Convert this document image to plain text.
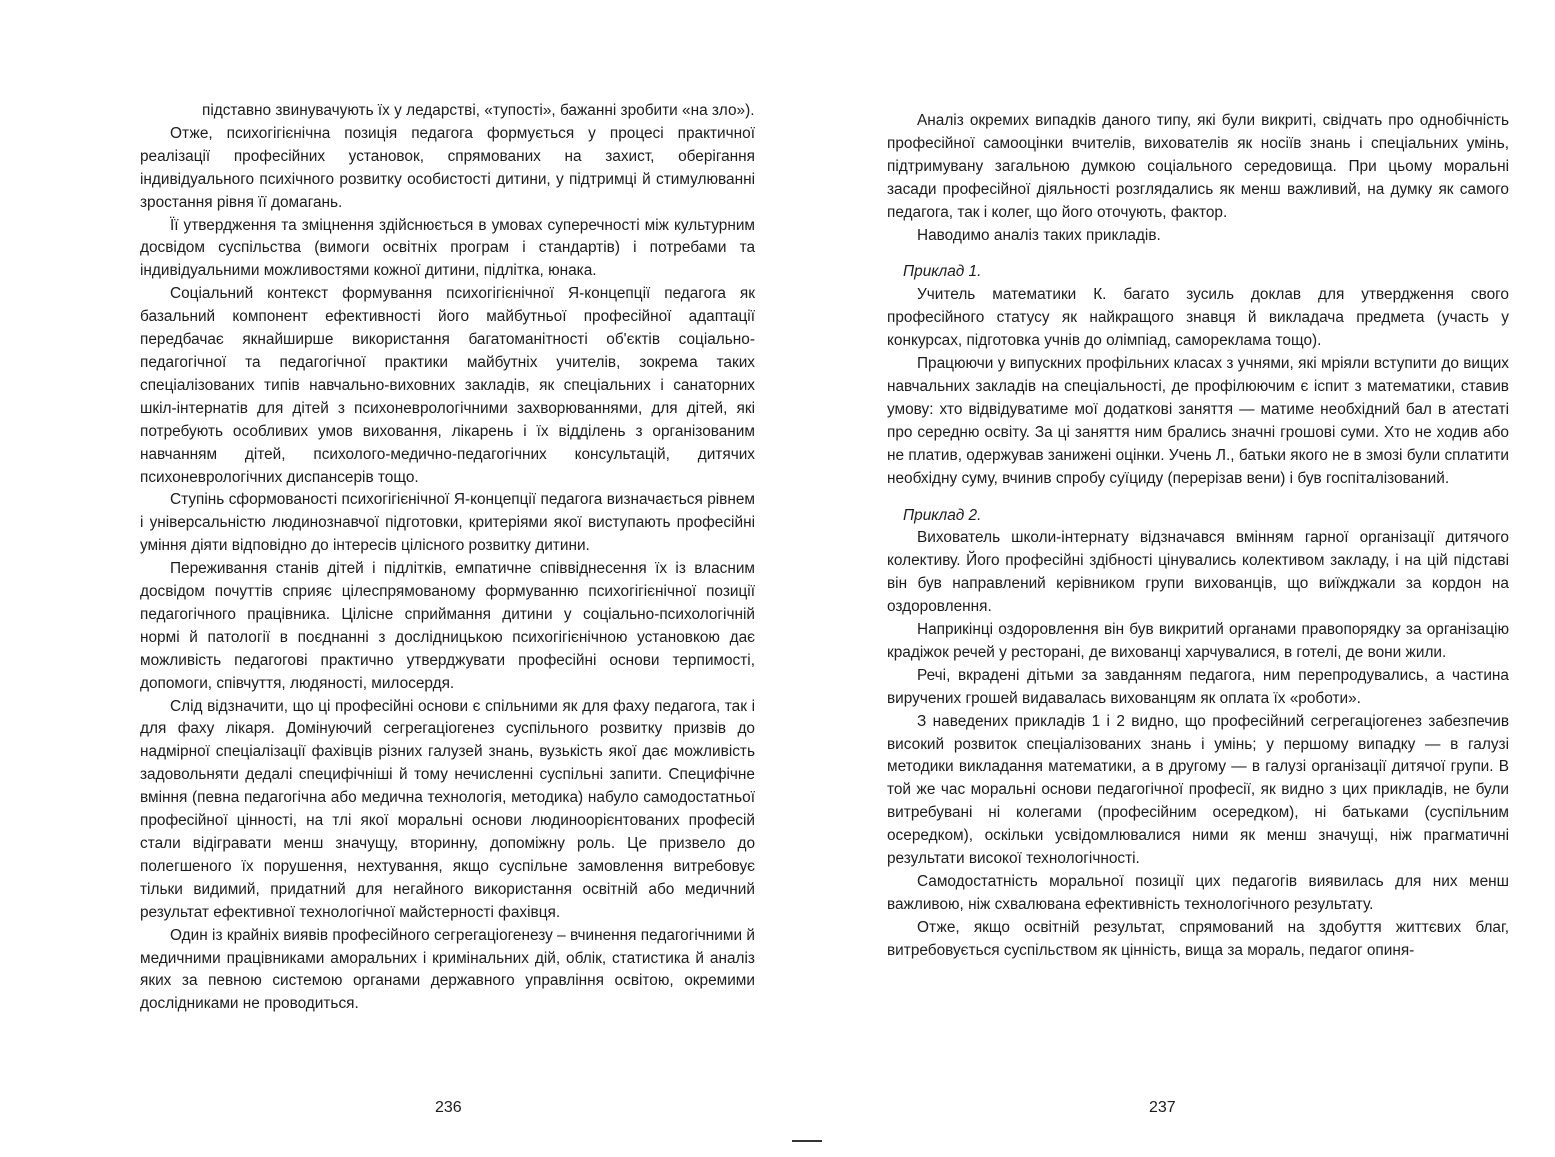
підставно звинувачують їх у ледарстві, «тупості», бажанні зробити «на зло»).

Отже, психогігієнічна позиція педагога формується у процесі практичної реалізації професійних установок, спрямованих на захист, оберігання індивідуального психічного розвитку особистості дитини, у підтримці й стимулюванні зростання рівня її домагань.

Її утвердження та зміцнення здійснюється в умовах суперечності між культурним досвідом суспільства (вимоги освітніх програм і стандартів) і потребами та індивідуальними можливостями кожної дитини, підлітка, юнака.

Соціальний контекст формування психогігієнічної Я-концепції педагога як базальний компонент ефективності його майбутньої професійної адаптації передбачає якнайширше використання багатоманітності об'єктів соціально-педагогічної та педагогічної практики майбутніх учителів, зокрема таких спеціалізованих типів навчально-виховних закладів, як спеціальних і санаторних шкіл-інтернатів для дітей з психоневрологічними захворюваннями, для дітей, які потребують особливих умов виховання, лікарень і їх відділень з організованим навчанням дітей, психолого-медично-педагогічних консультацій, дитячих психоневрологічних диспансерів тощо.

Ступінь сформованості психогігієнічної Я-концепції педагога визначається рівнем і універсальністю людинознавчої підготовки, критеріями якої виступають професійні уміння діяти відповідно до інтересів цілісного розвитку дитини.

Переживання станів дітей і підлітків, емпатичне співвіднесення їх із власним досвідом почуттів сприяє цілеспрямованому формуванню психогігієнічної позиції педагогічного працівника. Цілісне сприймання дитини у соціально-психологічній нормі й патології в поєднанні з дослідницькою психогігієнічною установкою дає можливість педагогові практично утверджувати професійні основи терпимості, допомоги, співчуття, людяності, милосердя.

Слід відзначити, що ці професійні основи є спільними як для фаху педагога, так і для фаху лікаря. Домінуючий сегрегаціогенез суспільного розвитку призвів до надмірної спеціалізації фахівців різних галузей знань, вузькість якої дає можливість задовольняти дедалі специфічніші й тому нечисленні суспільні запити. Специфічне вміння (певна педагогічна або медична технологія, методика) набуло самодостатньої професійної цінності, на тлі якої моральні основи людиноорієнтованих професій стали відігравати менш значущу, вторинну, допоміжну роль. Це призвело до полегшеного їх порушення, нехтування, якщо суспільне замовлення витребовує тільки видимий, придатний для негайного використання освітній або медичний результат ефективної технологічної майстерності фахівця.

Один із крайніх виявів професійного сегрегаціогенезу – вчинення педагогічними й медичними працівниками аморальних і кримінальних дій, облік, статистика й аналіз яких за певною системою органами державного управління освітою, окремими дослідниками не проводиться.

236

Аналіз окремих випадків даного типу, які були викриті, свідчать про однобічність професійної самооцінки вчителів, вихователів як носіїв знань і спеціальних умінь, підтримувану загальною думкою соціального середовища. При цьому моральні засади професійної діяльності розглядались як менш важливий, на думку як самого педагога, так і колег, що його оточують, фактор.

Наводимо аналіз таких прикладів.

Приклад 1.

Учитель математики К. багато зусиль доклав для утвердження свого професійного статусу як найкращого знавця й викладача предмета (участь у конкурсах, підготовка учнів до олімпіад, самореклама тощо).

Працюючи у випускних профільних класах з учнями, які мріяли вступити до вищих навчальних закладів на спеціальності, де профілюючим є іспит з математики, ставив умову: хто відвідуватиме мої додаткові заняття — матиме необхідний бал в атестаті про середню освіту. За ці заняття ним брались значні грошові суми. Хто не ходив або не платив, одержував занижені оцінки. Учень Л., батьки якого не в змозі були сплатити необхідну суму, вчинив спробу суїциду (перерізав вени) і був госпіталізований.

Приклад 2.

Вихователь школи-інтернату відзначався вмінням гарної організації дитячого колективу. Його професійні здібності цінувались колективом закладу, і на цій підставі він був направлений керівником групи вихованців, що виїжджали за кордон на оздоровлення.

Наприкінці оздоровлення він був викритий органами правопорядку за організацію крадіжок речей у ресторані, де вихованці харчувалися, в готелі, де вони жили.

Речі, вкрадені дітьми за завданням педагога, ним перепродувались, а частина виручених грошей видавалась вихованцям як оплата їх «роботи».

З наведених прикладів 1 і 2 видно, що професійний сегрегаціогенез забезпечив високий розвиток спеціалізованих знань і умінь; у першому випадку — в галузі методики викладання математики, а в другому — в галузі організації дитячої групи. В той же час моральні основи педагогічної професії, як видно з цих прикладів, не були витребувані ні колегами (професійним осередком), ні батьками (суспільним осередком), оскільки усвідомлювалися ними як менш значущі, ніж прагматичні результати високої технологічності.

Самодостатність моральної позиції цих педагогів виявилась для них менш важливою, ніж схвалювана ефективність технологічного результату.

Отже, якщо освітній результат, спрямований на здобуття життєвих благ, витребовується суспільством як цінність, вища за мораль, педагог опиня-

237
